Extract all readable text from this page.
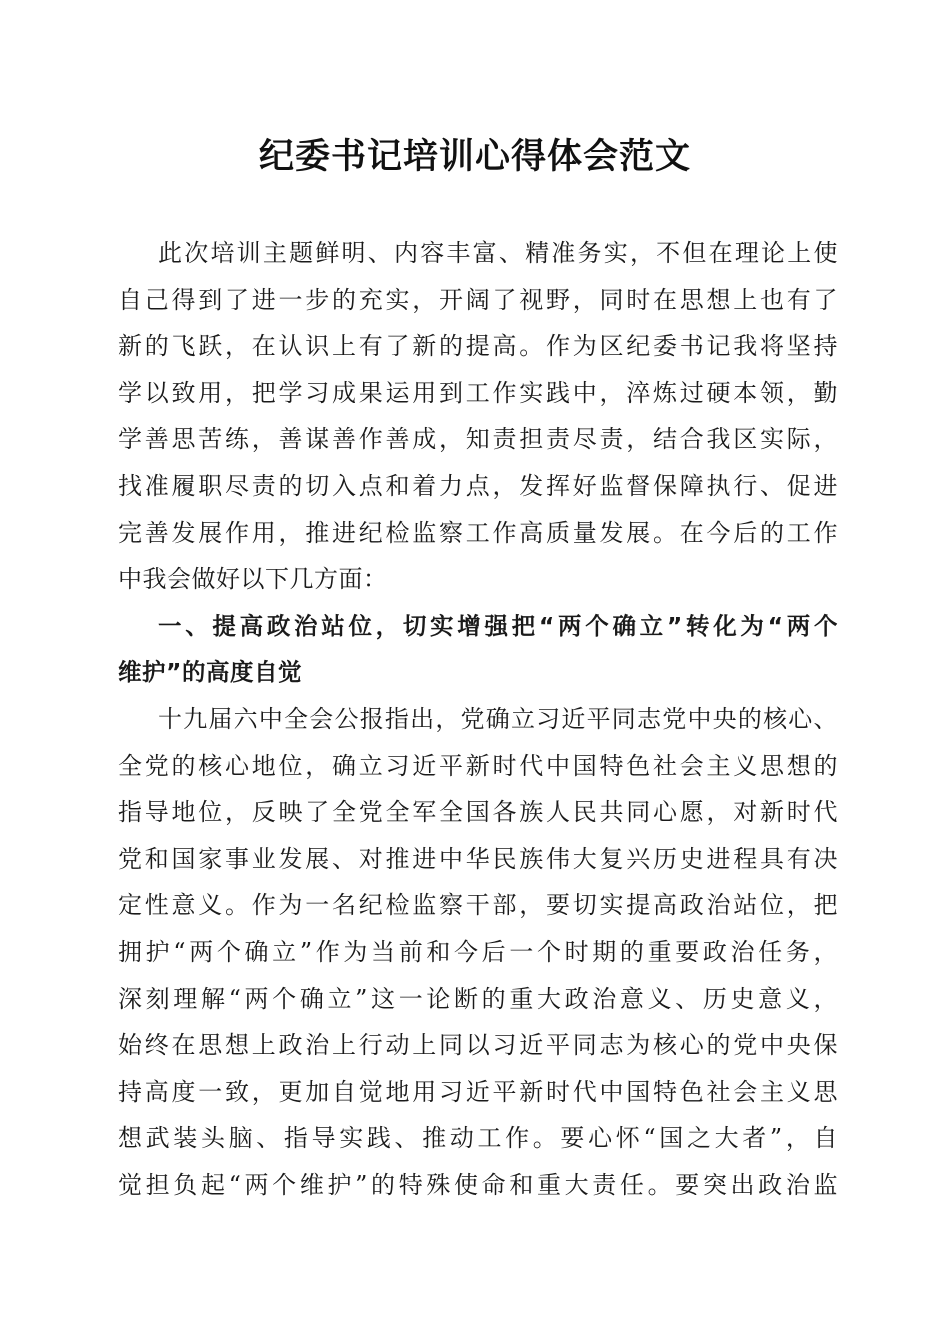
纪委书记培训心得体会范文
此次培训主题鲜明、内容丰富、精准务实，不但在理论上使
自己得到了进一步的充实，开阔了视野，同时在思想上也有了
新的飞跃，在认识上有了新的提高。作为区纪委书记我将坚持
学以致用，把学习成果运用到工作实践中，淬炼过硬本领，勤
学善思苦练，善谋善作善成，知责担责尽责，结合我区实际，
找准履职尽责的切入点和着力点，发挥好监督保障执行、促进
完善发展作用，推进纪检监察工作高质量发展。在今后的工作
中我会做好以下几方面：
一、提高政治站位，切实增强把“两个确立”转化为“两个
维护”的高度自觉
十九届六中全会公报指出，党确立习近平同志党中央的核心、
全党的核心地位，确立习近平新时代中国特色社会主义思想的
指导地位，反映了全党全军全国各族人民共同心愿，对新时代
党和国家事业发展、对推进中华民族伟大复兴历史进程具有决
定性意义。作为一名纪检监察干部，要切实提高政治站位，把
拥护“两个确立”作为当前和今后一个时期的重要政治任务，
深刻理解“两个确立”这一论断的重大政治意义、历史意义，
始终在思想上政治上行动上同以习近平同志为核心的党中央保
持高度一致，更加自觉地用习近平新时代中国特色社会主义思
想武装头脑、指导实践、推动工作。要心怀“国之大者”，自
觉担负起“两个维护”的特殊使命和重大责任。要突出政治监
